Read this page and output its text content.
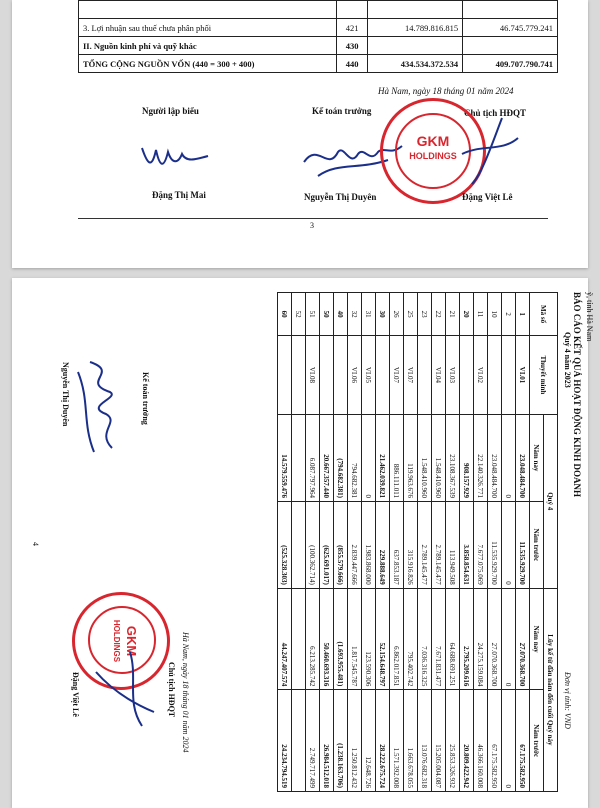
3. Lợi nhuận sau thuế chưa phân phối	421	14.789.816.815	46.745.779.241
II. Nguồn kinh phí và quỹ khác	430		
TỔNG CỘNG NGUỒN VỐN (440 = 300 + 400)	440	434.534.372.534	409.707.790.741
Hà Nam, ngày 18 tháng 01 năm 2024
Người lập biểu	Kế toán trưởng	Chủ tịch HĐQT
GKM
HOLDINGS
Đặng Thị Mai	Nguyễn Thị Duyên	Đặng Việt Lê
3
ỹ, tỉnh Hà Nam
BÁO CÁO KẾT QUẢ HOẠT ĐỘNG KINH DOANH
Quý 4 năm 2023
Đơn vị tính: VND
Mã số	Thuyết minh	Quý 4		Lũy kế từ đầu năm đến cuối Quý này	
		Năm nay	Năm trước	Năm nay	Năm trước
1	VI.01	23.048.484.700	11.535.929.700	27.070.368.700	67.175.582.950
2		0	0	0	0
10		23.048.484.700	11.535.929.700	27.070.368.700	67.175.582.950
11	VI.02	22.140.326.771	7.677.075.069	24.275.159.084	46.366.160.008
20		908.157.929	3.858.854.631	2.795.209.616	20.809.422.942
21	VI.03	23.108.367.539	113.949.508	64.688.691.251	25.853.326.932
22	VI.04	1.548.410.960	2.789.145.477	7.671.831.477	15.205.004.087
23		1.548.410.960	2.789.145.477	7.036.316.325	13.076.682.318
25	VI.07	119.963.676	315.916.826	795.402.742	1.663.678.055
26	VI.07	886.111.011	637.853.187	6.862.017.851	1.571.392.008
30		21.462.039.821	229.888.649	52.154.648.797	28.222.675.724
31	VI.05	0	1.983.868.000	123.590.306	12.648.726
32	VI.06	794.682.381	2.839.447.666	1.817.545.787	1.250.812.432
40		(794.682.381)	(855.579.666)	(1.693.955.481)	(1.238.163.706)
50		20.667.357.440	(625.691.017)	50.460.693.316	26.984.512.018
51	VI.08	6.087.797.964	(100.362.714)	6.213.285.742	2.749.717.499
52					
60		14.579.559.476	(525.328.303)	44.247.407.574	24.234.794.519
Hà Nam, ngày 18 tháng 01 năm 2024
Kế toán trưởng
Chủ tịch HĐQT
GKM
HOLDINGS
Nguyễn Thị Duyên
Đặng Việt Lê
4
